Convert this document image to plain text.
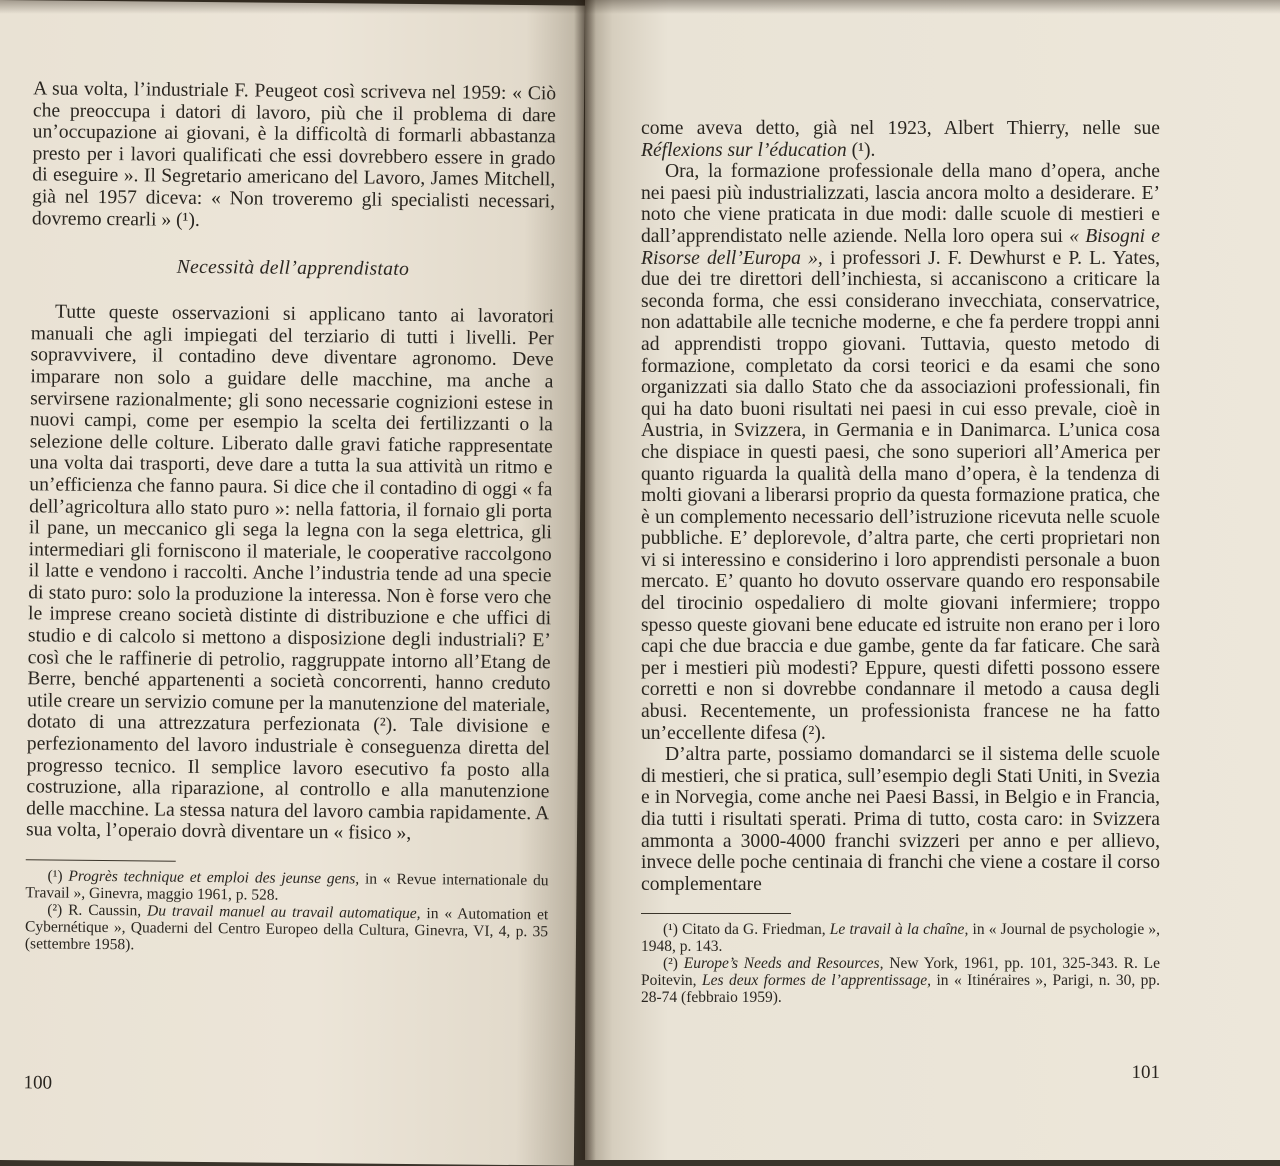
A sua volta, l’industriale F. Peugeot così scriveva nel 1959: « Ciò che preoccupa i datori di lavoro, più che il problema di dare un’occupazione ai giovani, è la difficoltà di formarli abbastanza presto per i lavori qualificati che essi dovrebbero essere in grado di eseguire ». Il Segretario americano del Lavoro, James Mitchell, già nel 1957 diceva: « Non troveremo gli specialisti necessari, dovremo crearli » (¹).

Necessità dell’apprendistato

Tutte queste osservazioni si applicano tanto ai lavoratori manuali che agli impiegati del terziario di tutti i livelli. Per sopravvivere, il contadino deve diventare agronomo. Deve imparare non solo a guidare delle macchine, ma anche a servirsene razionalmente; gli sono necessarie cognizioni estese in nuovi campi, come per esempio la scelta dei fertilizzanti o la selezione delle colture. Liberato dalle gravi fatiche rappresentate una volta dai trasporti, deve dare a tutta la sua attività un ritmo e un’efficienza che fanno paura. Si dice che il contadino di oggi « fa dell’agricoltura allo stato puro »: nella fattoria, il fornaio gli porta il pane, un meccanico gli sega la legna con la sega elettrica, gli intermediari gli forniscono il materiale, le cooperative raccolgono il latte e vendono i raccolti. Anche l’industria tende ad una specie di stato puro: solo la produzione la interessa. Non è forse vero che le imprese creano società distinte di distribuzione e che uffici di studio e di calcolo si mettono a disposizione degli industriali? E’ così che le raffinerie di petrolio, raggruppate intorno all’Etang de Berre, benché appartenenti a società concorrenti, hanno creduto utile creare un servizio comune per la manutenzione del materiale, dotato di una attrezzatura perfezionata (²). Tale divisione e perfezionamento del lavoro industriale è conseguenza diretta del progresso tecnico. Il semplice lavoro esecutivo fa posto alla costruzione, alla riparazione, al controllo e alla manutenzione delle macchine. La stessa natura del lavoro cambia rapidamente. A sua volta, l’operaio dovrà diventare un « fisico »,

(¹) Progrès technique et emploi des jeunse gens, in « Revue internationale du Travail », Ginevra, maggio 1961, p. 528.
(²) R. Caussin, Du travail manuel au travail automatique, in « Automation et Cybernétique », Quaderni del Centro Europeo della Cultura, Ginevra, VI, 4, p. 35 (settembre 1958).
100

come aveva detto, già nel 1923, Albert Thierry, nelle sue Réflexions sur l’éducation (¹).

Ora, la formazione professionale della mano d’opera, anche nei paesi più industrializzati, lascia ancora molto a desiderare. E’ noto che viene praticata in due modi: dalle scuole di mestieri e dall’apprendistato nelle aziende. Nella loro opera sui « Bisogni e Risorse dell’Europa », i professori J. F. Dewhurst e P. L. Yates, due dei tre direttori dell’inchiesta, si accaniscono a criticare la seconda forma, che essi considerano invecchiata, conservatrice, non adattabile alle tecniche moderne, e che fa perdere troppi anni ad apprendisti troppo giovani. Tuttavia, questo metodo di formazione, completato da corsi teorici e da esami che sono organizzati sia dallo Stato che da associazioni professionali, fin qui ha dato buoni risultati nei paesi in cui esso prevale, cioè in Austria, in Svizzera, in Germania e in Danimarca. L’unica cosa che dispiace in questi paesi, che sono superiori all’America per quanto riguarda la qualità della mano d’opera, è la tendenza di molti giovani a liberarsi proprio da questa formazione pratica, che è un complemento necessario dell’istruzione ricevuta nelle scuole pubbliche. E’ deplorevole, d’altra parte, che certi proprietari non vi si interessino e considerino i loro apprendisti personale a buon mercato. E’ quanto ho dovuto osservare quando ero responsabile del tirocinio ospedaliero di molte giovani infermiere; troppo spesso queste giovani bene educate ed istruite non erano per i loro capi che due braccia e due gambe, gente da far faticare. Che sarà per i mestieri più modesti? Eppure, questi difetti possono essere corretti e non si dovrebbe condannare il metodo a causa degli abusi. Recentemente, un professionista francese ne ha fatto un’eccellente difesa (²).

D’altra parte, possiamo domandarci se il sistema delle scuole di mestieri, che si pratica, sull’esempio degli Stati Uniti, in Svezia e in Norvegia, come anche nei Paesi Bassi, in Belgio e in Francia, dia tutti i risultati sperati. Prima di tutto, costa caro: in Svizzera ammonta a 3000-4000 franchi svizzeri per anno e per allievo, invece delle poche centinaia di franchi che viene a costare il corso complementare

(¹) Citato da G. Friedman, Le travail à la chaîne, in « Journal de psychologie », 1948, p. 143.
(²) Europe’s Needs and Resources, New York, 1961, pp. 101, 325-343. R. Le Poitevin, Les deux formes de l’apprentissage, in « Itinéraires », Parigi, n. 30, pp. 28-74 (febbraio 1959).
101
